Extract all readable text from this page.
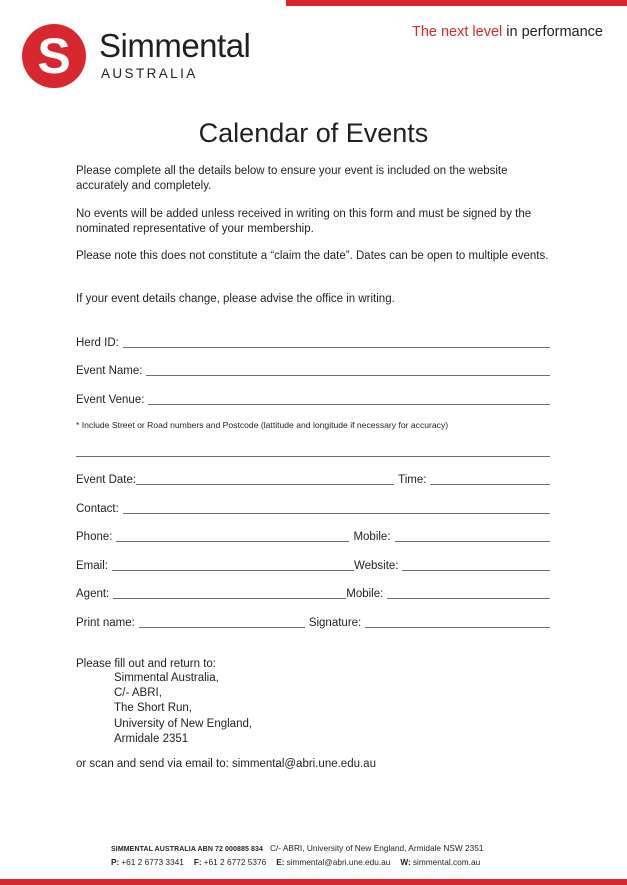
S Simmental
AUSTRALIA
The next level in performance
Calendar of Events

Please complete all the details below to ensure your event is included on the website accurately and completely.

No events will be added unless received in writing on this form and must be signed by the nominated representative of your membership.

Please note this does not constitute a “claim the date”. Dates can be open to multiple events.

If your event details change, please advise the office in writing.

Herd ID:
Event Name:
Event Venue:
* Include Street or Road numbers and Postcode (lattitude and longitude if necessary for accuracy)
Event Date:	Time:
Contact:
Phone:	Mobile:
Email:	Website:
Agent:	Mobile:
Print name:	Signature:
Please fill out and return to:
Simmental Australia,
C/- ABRI,
The Short Run,
University of New England,
Armidale 2351
or scan and send via email to: simmental@abri.une.edu.au
SIMMENTAL AUSTRALIA ABN 72 000885 834 C/- ABRI, University of New England, Armidale NSW 2351
P: +61 2 6773 3341 F: +61 2 6772 5376 E: simmental@abri.une.edu.au W: simmental.com.au
